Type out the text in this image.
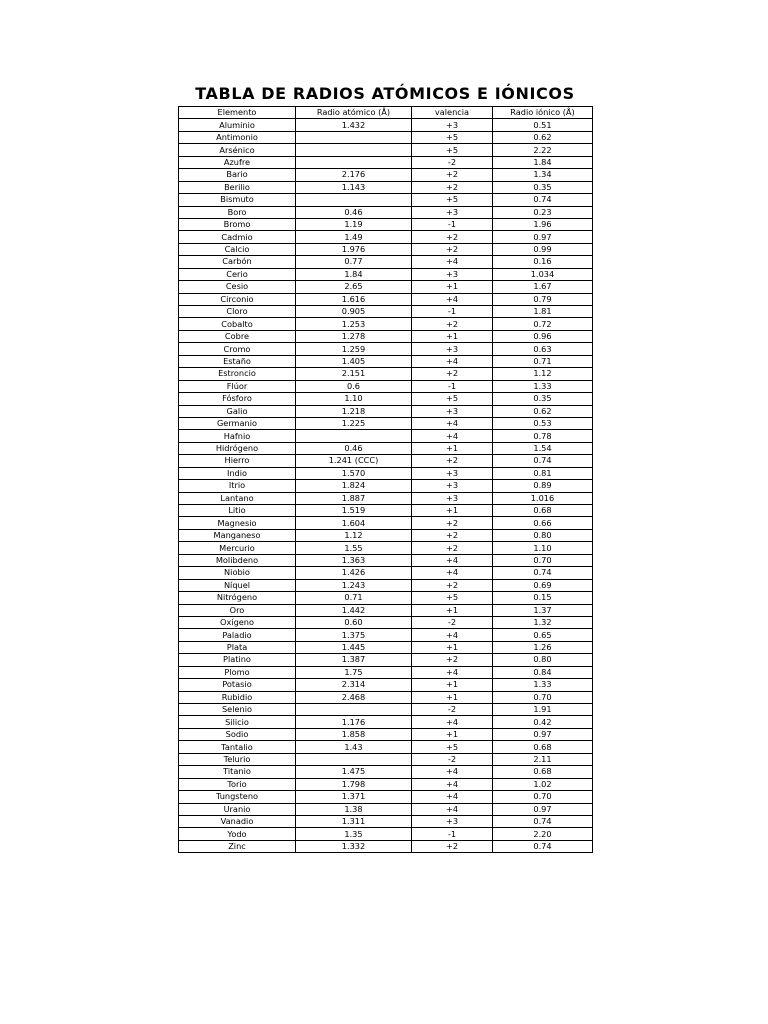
TABLA DE RADIOS ATÓMICOS E IÓNICOS
Elemento	Radio atómico (Å)	valencia	Radio iónico (Å)
Aluminio	1.432	+3	0.51
Antimonio		+5	0.62
Arsénico		+5	2.22
Azufre		-2	1.84
Bario	2.176	+2	1.34
Berilio	1.143	+2	0.35
Bismuto		+5	0.74
Boro	0.46	+3	0.23
Bromo	1.19	-1	1.96
Cadmio	1.49	+2	0.97
Calcio	1.976	+2	0.99
Carbón	0.77	+4	0.16
Cerio	1.84	+3	1.034
Cesio	2.65	+1	1.67
Circonio	1.616	+4	0.79
Cloro	0.905	-1	1.81
Cobalto	1.253	+2	0.72
Cobre	1.278	+1	0.96
Cromo	1.259	+3	0.63
Estaño	1.405	+4	0.71
Estroncio	2.151	+2	1.12
Flúor	0.6	-1	1.33
Fósforo	1.10	+5	0.35
Galio	1.218	+3	0.62
Germanio	1.225	+4	0.53
Hafnio		+4	0.78
Hidrógeno	0.46	+1	1.54
Hierro	1.241 (CCC)	+2	0.74
Indio	1.570	+3	0.81
Itrio	1.824	+3	0.89
Lantano	1.887	+3	1.016
Litio	1.519	+1	0.68
Magnesio	1.604	+2	0.66
Manganeso	1.12	+2	0.80
Mercurio	1.55	+2	1.10
Molibdeno	1.363	+4	0.70
Niobio	1.426	+4	0.74
Níquel	1.243	+2	0.69
Nitrógeno	0.71	+5	0.15
Oro	1.442	+1	1.37
Oxígeno	0.60	-2	1.32
Paladio	1.375	+4	0.65
Plata	1.445	+1	1.26
Platino	1.387	+2	0.80
Plomo	1.75	+4	0.84
Potasio	2.314	+1	1.33
Rubidio	2.468	+1	0.70
Selenio		-2	1.91
Silicio	1.176	+4	0.42
Sodio	1.858	+1	0.97
Tantalio	1.43	+5	0.68
Telurio		-2	2.11
Titanio	1.475	+4	0.68
Torio	1.798	+4	1.02
Tungsteno	1.371	+4	0.70
Uranio	1.38	+4	0.97
Vanadio	1.311	+3	0.74
Yodo	1.35	-1	2.20
Zinc	1.332	+2	0.74
